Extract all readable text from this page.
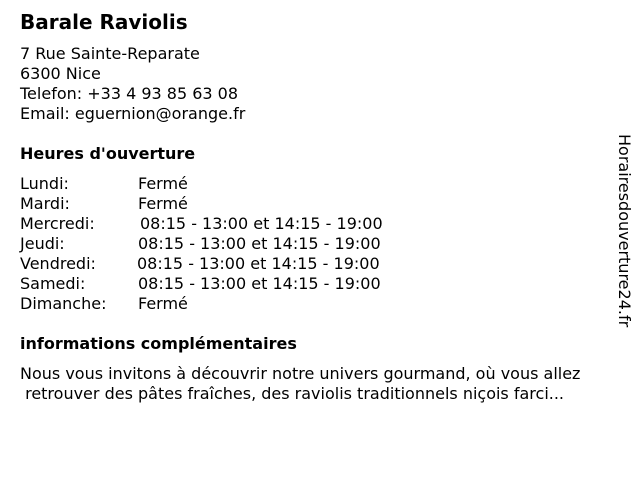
Barale Raviolis
7 Rue Sainte-Reparate
6300 Nice
Telefon: +33 4 93 85 63 08
Email: eguernion@orange.fr
Heures d'ouverture
Lundi:	Fermé
Mardi:	Fermé
Mercredi:	08:15 - 13:00 et 14:15 - 19:00
Jeudi:	08:15 - 13:00 et 14:15 - 19:00
Vendredi:	08:15 - 13:00 et 14:15 - 19:00
Samedi:	08:15 - 13:00 et 14:15 - 19:00
Dimanche: Fermé
informations complémentaires
Nous vous invitons à découvrir notre univers gourmand, où vous allez
retrouver des pâtes fraîches, des raviolis traditionnels niçois farci...
Horairesdouverture24.fr
